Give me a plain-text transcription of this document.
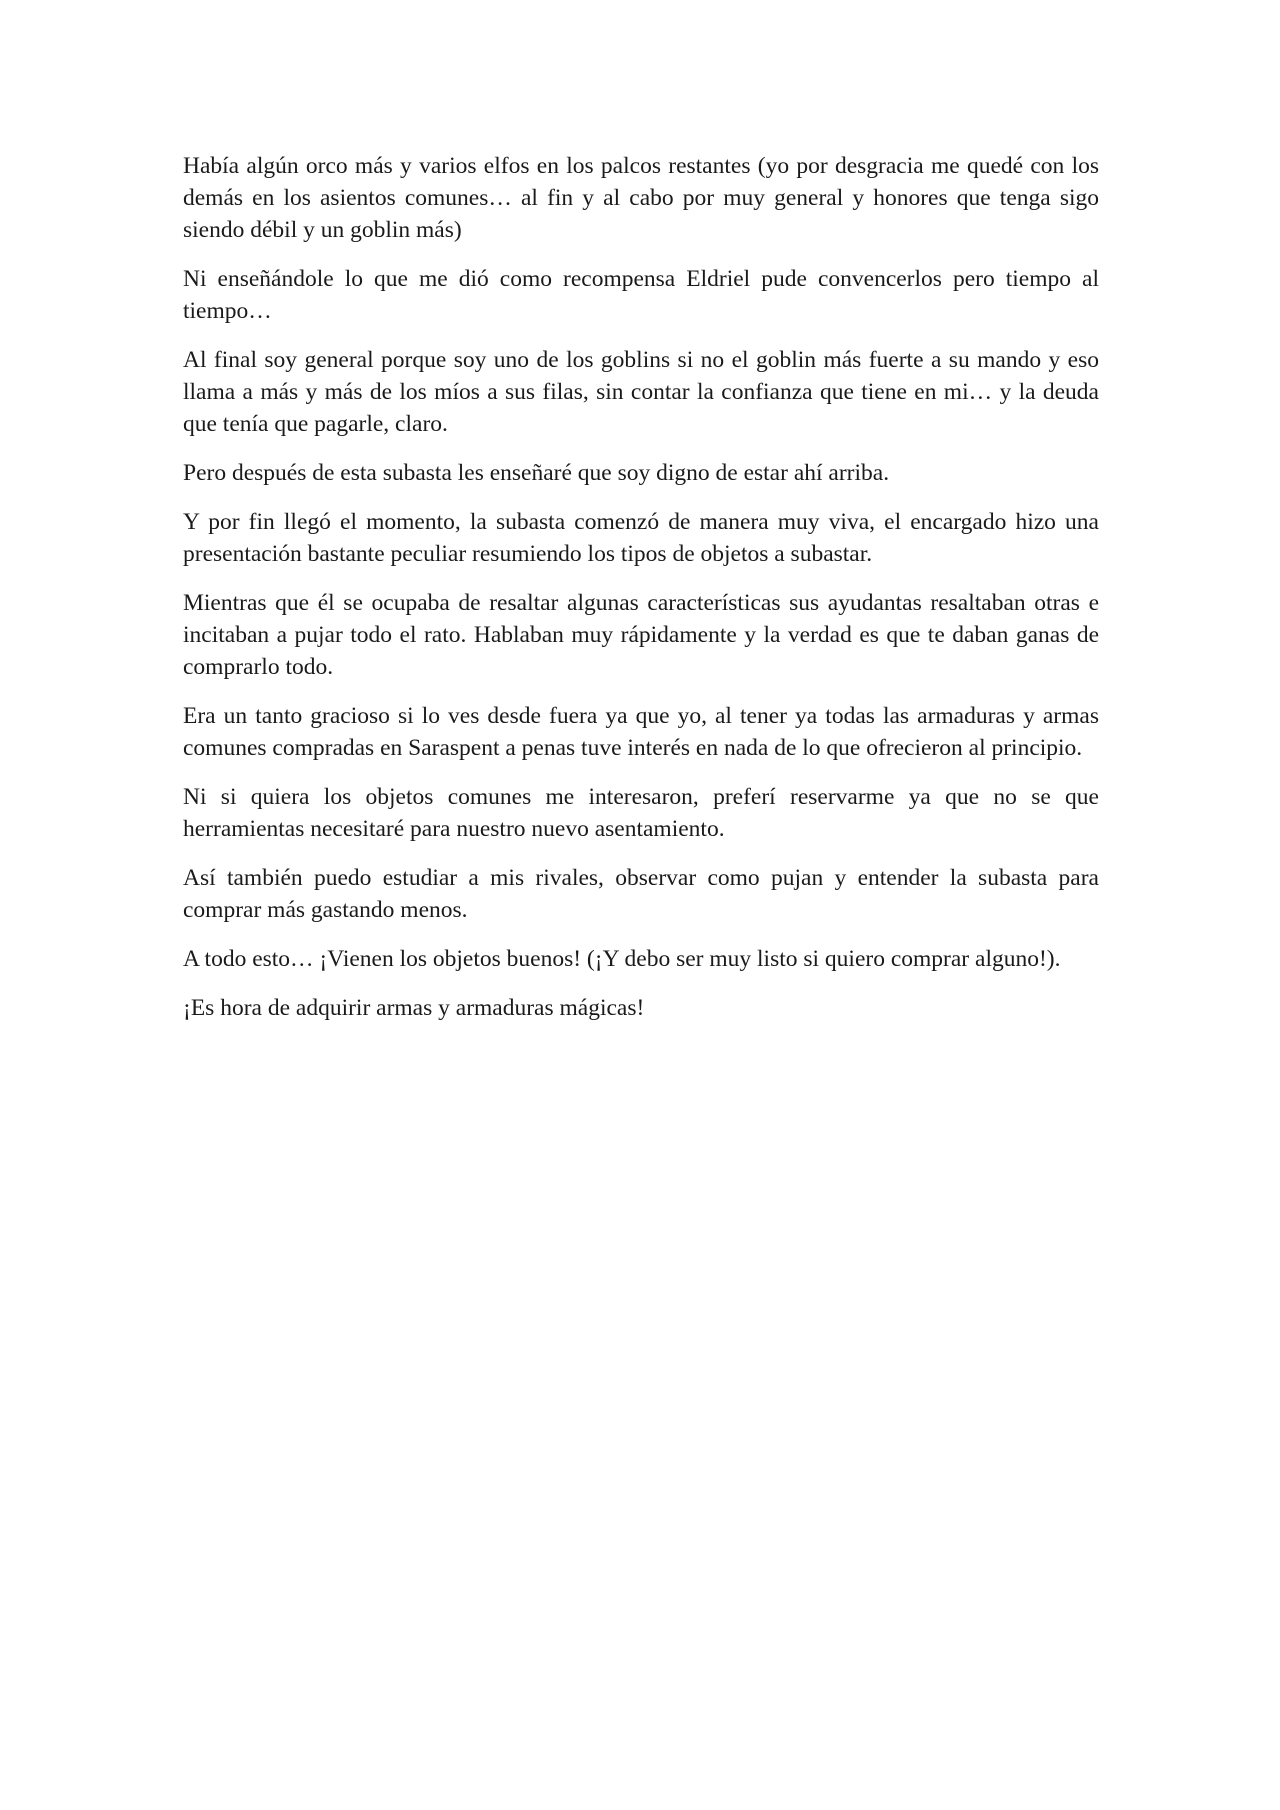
Había algún orco más y varios elfos en los palcos restantes (yo por desgracia me quedé con los demás en los asientos comunes… al fin y al cabo por muy general y honores que tenga sigo siendo débil y un goblin más)

Ni enseñándole lo que me dió como recompensa Eldriel pude convencerlos pero tiempo al tiempo…

Al final soy general porque soy uno de los goblins si no el goblin más fuerte a su mando y eso llama a más y más de los míos a sus filas, sin contar la confianza que tiene en mi… y la deuda que tenía que pagarle, claro.

Pero después de esta subasta les enseñaré que soy digno de estar ahí arriba.

Y por fin llegó el momento, la subasta comenzó de manera muy viva, el encargado hizo una presentación bastante peculiar resumiendo los tipos de objetos a subastar.

Mientras que él se ocupaba de resaltar algunas características sus ayudantas resaltaban otras e incitaban a pujar todo el rato. Hablaban muy rápidamente y la verdad es que te daban ganas de comprarlo todo.

Era un tanto gracioso si lo ves desde fuera ya que yo, al tener ya todas las armaduras y armas comunes compradas en Saraspent a penas tuve interés en nada de lo que ofrecieron al principio.

Ni si quiera los objetos comunes me interesaron, preferí reservarme ya que no se que herramientas necesitaré para nuestro nuevo asentamiento.

Así también puedo estudiar a mis rivales, observar como pujan y entender la subasta para comprar más gastando menos.

A todo esto… ¡Vienen los objetos buenos! (¡Y debo ser muy listo si quiero comprar alguno!).

¡Es hora de adquirir armas y armaduras mágicas!
